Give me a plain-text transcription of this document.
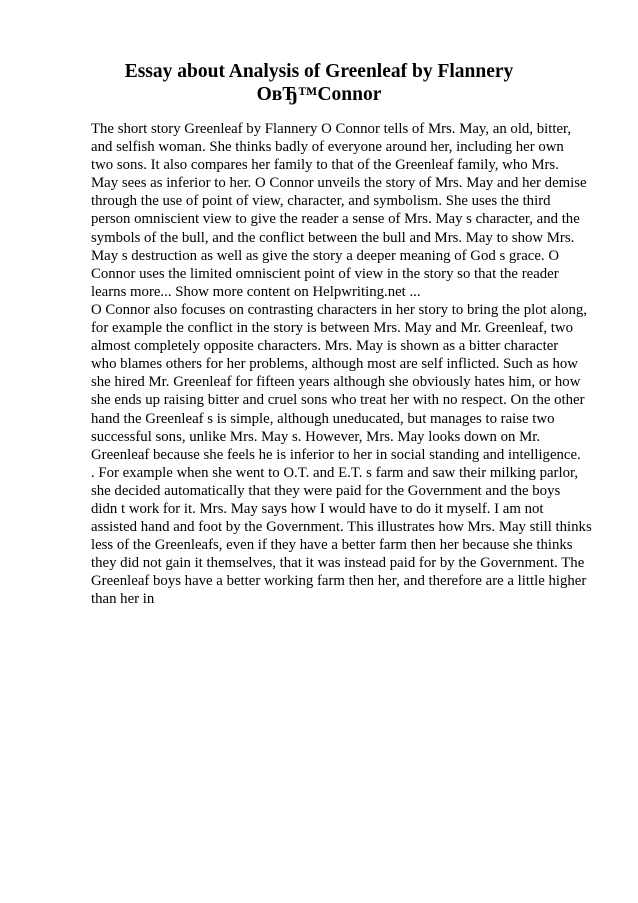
Essay about Analysis of Greenleaf by Flannery
OвЂ™Connor
The short story Greenleaf by Flannery O Connor tells of Mrs. May, an old, bitter,
and selfish woman. She thinks badly of everyone around her, including her own
two sons. It also compares her family to that of the Greenleaf family, who Mrs.
May sees as inferior to her. O Connor unveils the story of Mrs. May and her demise
through the use of point of view, character, and symbolism. She uses the third
person omniscient view to give the reader a sense of Mrs. May s character, and the
symbols of the bull, and the conflict between the bull and Mrs. May to show Mrs.
May s destruction as well as give the story a deeper meaning of God s grace. O
Connor uses the limited omniscient point of view in the story so that the reader
learns more... Show more content on Helpwriting.net ...
O Connor also focuses on contrasting characters in her story to bring the plot along,
for example the conflict in the story is between Mrs. May and Mr. Greenleaf, two
almost completely opposite characters. Mrs. May is shown as a bitter character
who blames others for her problems, although most are self inflicted. Such as how
she hired Mr. Greenleaf for fifteen years although she obviously hates him, or how
she ends up raising bitter and cruel sons who treat her with no respect. On the other
hand the Greenleaf s is simple, although uneducated, but manages to raise two
successful sons, unlike Mrs. May s. However, Mrs. May looks down on Mr.
Greenleaf because she feels he is inferior to her in social standing and intelligence.
. For example when she went to O.T. and E.T. s farm and saw their milking parlor,
she decided automatically that they were paid for the Government and the boys
didn t work for it. Mrs. May says how I would have to do it myself. I am not
assisted hand and foot by the Government. This illustrates how Mrs. May still thinks
less of the Greenleafs, even if they have a better farm then her because she thinks
they did not gain it themselves, that it was instead paid for by the Government. The
Greenleaf boys have a better working farm then her, and therefore are a little higher
than her in
